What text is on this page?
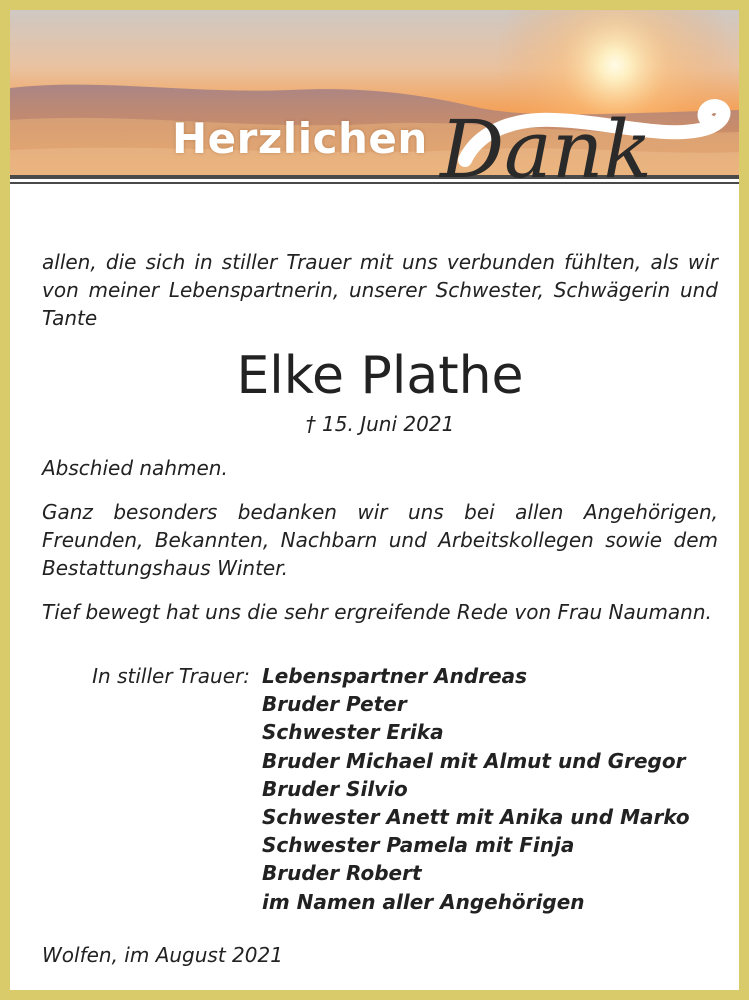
Herzlichen Dank

allen, die sich in stiller Trauer mit uns verbunden fühlten, als wir von meiner Lebenspartnerin, unserer Schwester, Schwägerin und Tante

Elke Plathe

† 15. Juni 2021

Abschied nahmen.

Ganz besonders bedanken wir uns bei allen Angehörigen, Freunden, Bekannten, Nachbarn und Arbeitskollegen sowie dem Bestattungshaus Winter.

Tief bewegt hat uns die sehr ergreifende Rede von Frau Naumann.

In stiller Trauer: Lebenspartner Andreas
Bruder Peter
Schwester Erika
Bruder Michael mit Almut und Gregor
Bruder Silvio
Schwester Anett mit Anika und Marko
Schwester Pamela mit Finja
Bruder Robert
im Namen aller Angehörigen
Wolfen, im August 2021
